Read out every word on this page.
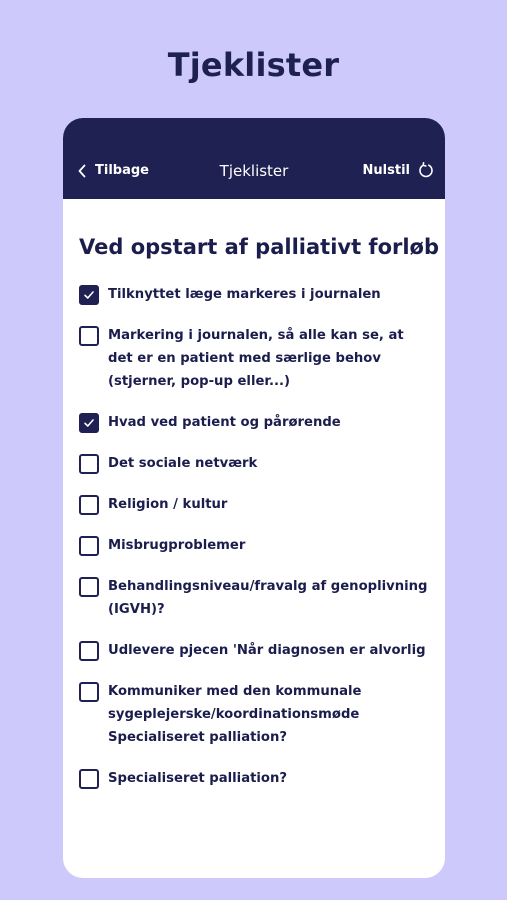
Tjeklister
Tilbage	Tjeklister	Nulstil
Ved opstart af palliativt forløb
Tilknyttet læge markeres i journalen
Markering i journalen, så alle kan se, at det er en patient med særlige behov (stjerner, pop-up eller...)
Hvad ved patient og pårørende
Det sociale netværk
Religion / kultur
Misbrugproblemer
Behandlingsniveau/fravalg af genoplivning (IGVH)?
Udlevere pjecen 'Når diagnosen er alvorlig
Kommuniker med den kommunale sygeplejerske/koordinationsmøde Specialiseret palliation?
Specialiseret palliation?
